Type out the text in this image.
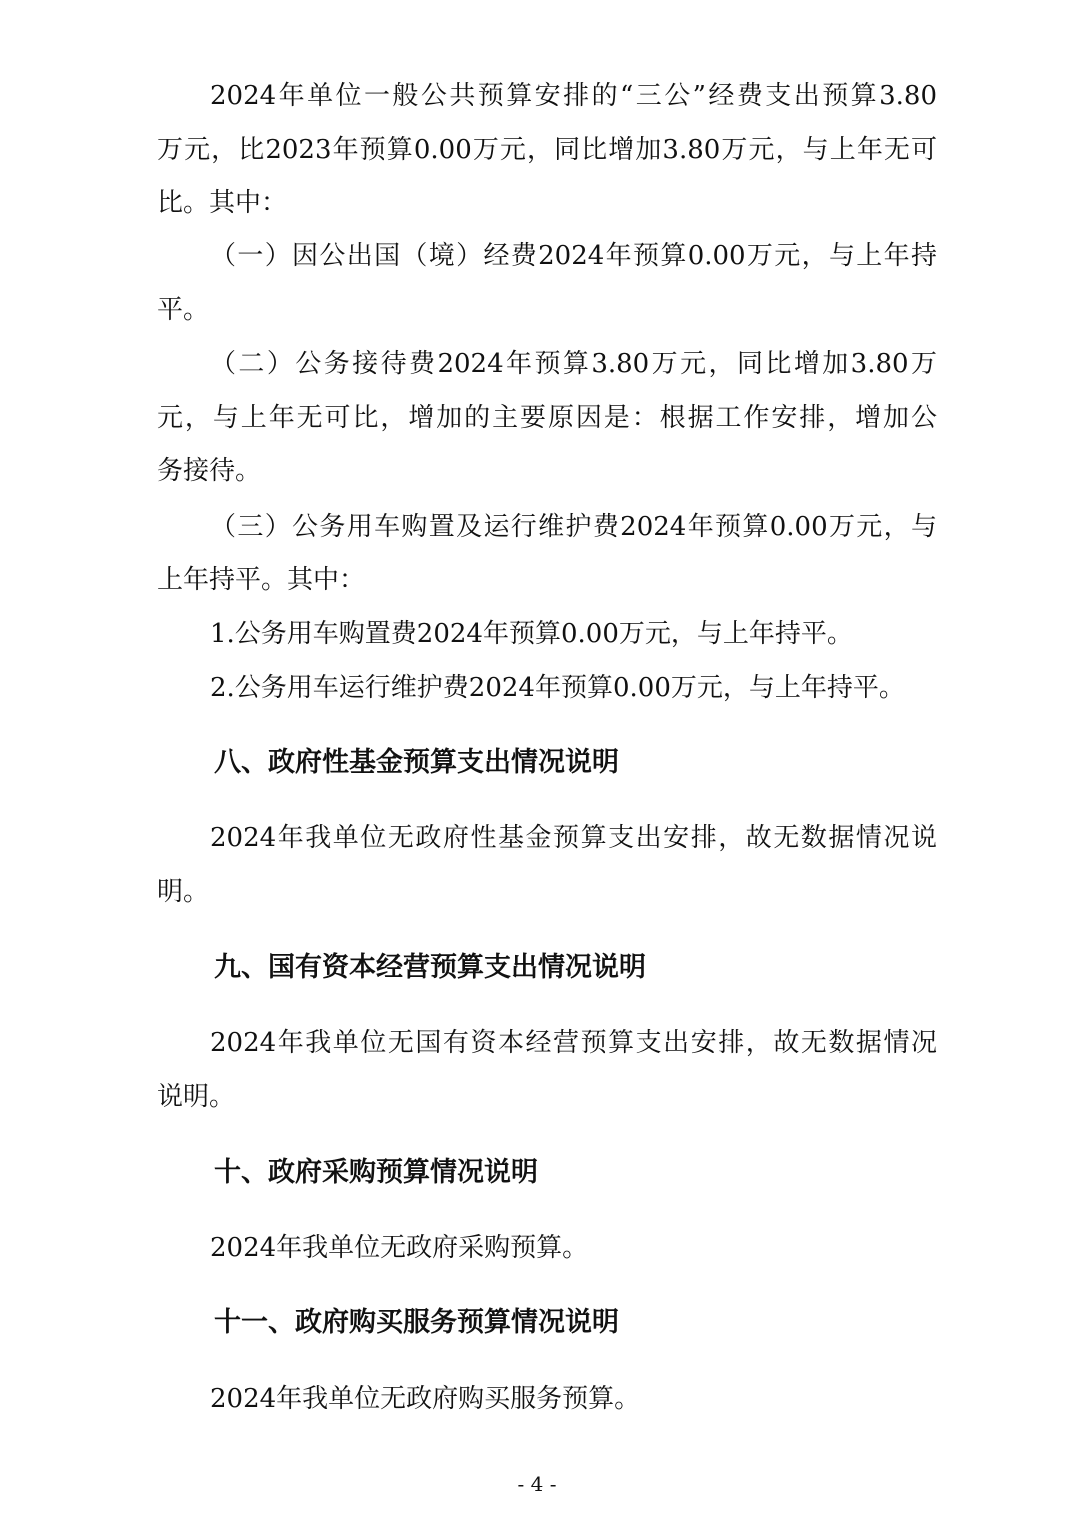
2024年单位一般公共预算安排的“三公”经费支出预算3.80
万元，比2023年预算0.00万元，同比增加3.80万元，与上年无可
比。其中：
（一）因公出国（境）经费2024年预算0.00万元，与上年持
平。
（二）公务接待费2024年预算3.80万元，同比增加3.80万
元，与上年无可比，增加的主要原因是：根据工作安排，增加公
务接待。
（三）公务用车购置及运行维护费2024年预算0.00万元，与
上年持平。其中：
1.公务用车购置费2024年预算0.00万元，与上年持平。
2.公务用车运行维护费2024年预算0.00万元，与上年持平。
八、政府性基金预算支出情况说明
2024年我单位无政府性基金预算支出安排，故无数据情况说
明。
九、国有资本经营预算支出情况说明
2024年我单位无国有资本经营预算支出安排，故无数据情况
说明。
十、政府采购预算情况说明
2024年我单位无政府采购预算。
十一、政府购买服务预算情况说明
2024年我单位无政府购买服务预算。
- 4 -
